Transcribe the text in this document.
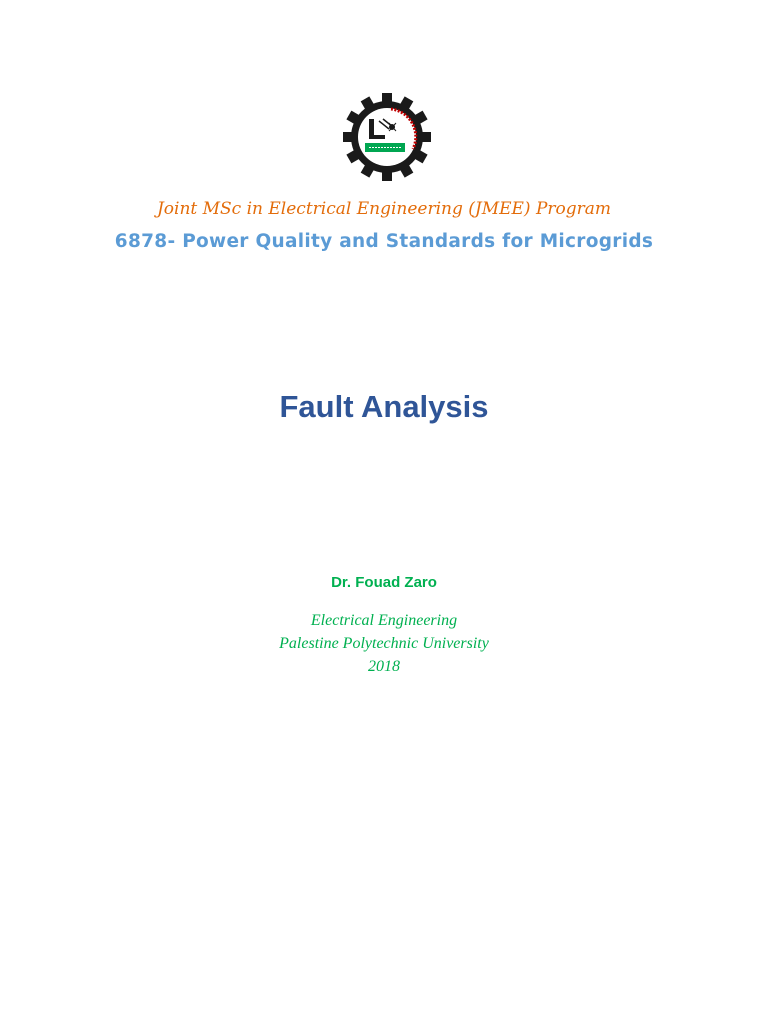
Joint MSc in Electrical Engineering (JMEE) Program
6878- Power Quality and Standards for Microgrids
Fault Analysis
Dr. Fouad Zaro
Electrical Engineering
Palestine Polytechnic University
2018
